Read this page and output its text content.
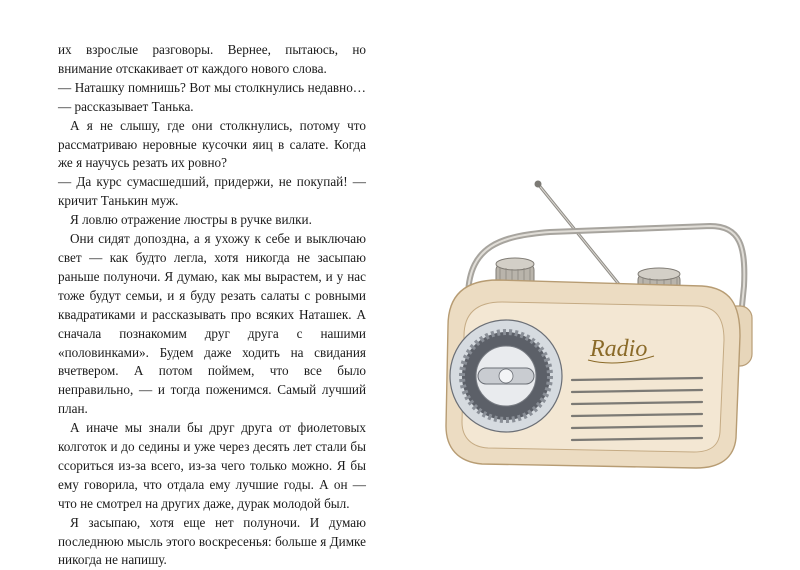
их взрослые разговоры. Вернее, пытаюсь, но внимание отскакивает от каждого нового слова.

— Наташку помнишь? Вот мы столкнулись недавно… — рассказывает Танька.

А я не слышу, где они столкнулись, потому что рассматриваю неровные кусочки яиц в салате. Когда же я научусь резать их ровно?

— Да курс сумасшедший, придержи, не покупай! — кричит Танькин муж.

Я ловлю отражение люстры в ручке вилки.

Они сидят допоздна, а я ухожу к себе и выключаю свет — как будто легла, хотя никогда не засыпаю раньше полуночи. Я думаю, как мы вырастем, и у нас тоже будут семьи, и я буду резать салаты с ровными квадратиками и рассказывать про всяких Наташек. А сначала познакомим друг друга с нашими «половинками». Будем даже ходить на свидания вчетвером. А потом поймем, что все было неправильно, — и тогда поженимся. Самый лучший план.

А иначе мы знали бы друг друга от фиолетовых колготок и до седины и уже через десять лет стали бы ссориться из-за всего, из-за чего только можно. Я бы ему говорила, что отдала ему лучшие годы. А он — что не смотрел на других даже, дурак молодой был.

Я засыпаю, хотя еще нет полуночи. И думаю последнюю мысль этого воскресенья: больше я Димке никогда не напишу.

Radio
